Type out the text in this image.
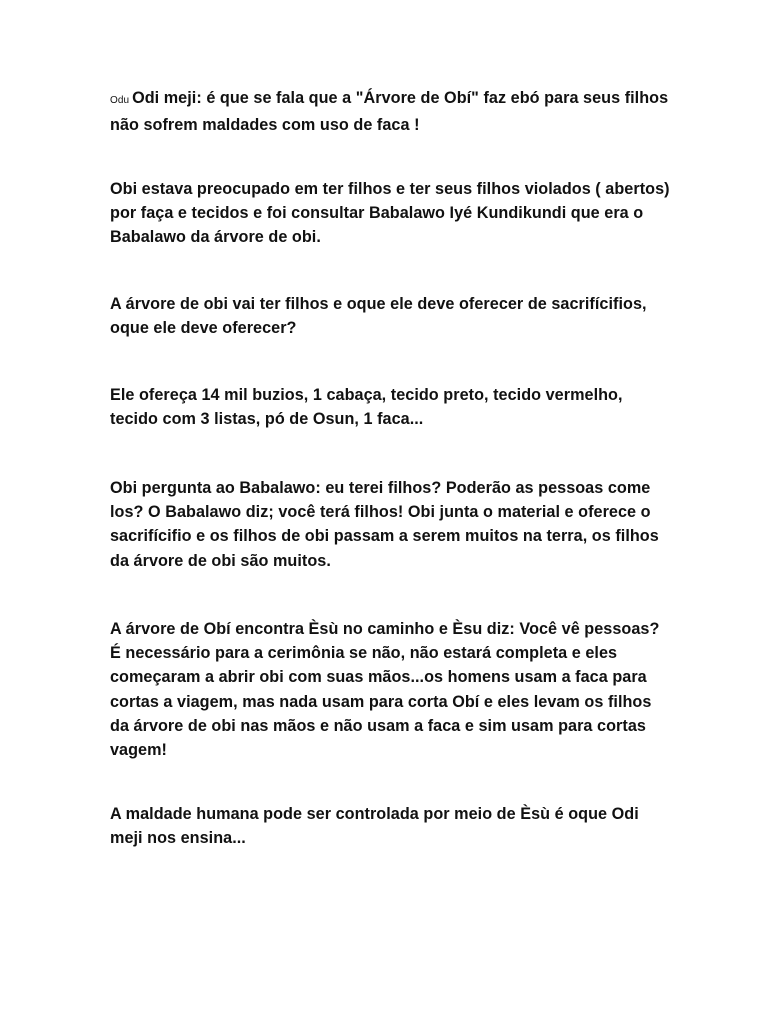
Odu Odi meji: é que se fala que a "Árvore de Obí" faz ebó para seus filhos não sofrem maldades com uso de faca !

Obi estava preocupado em ter filhos e ter seus filhos violados ( abertos) por faça e tecidos e foi consultar Babalawo Iyé Kundikundi que era o Babalawo da árvore de obi.

A árvore de obi vai ter filhos e oque ele deve oferecer de sacrifícifios, oque ele deve oferecer?

Ele ofereça 14 mil buzios, 1 cabaça, tecido preto, tecido vermelho, tecido com 3 listas, pó de Osun, 1 faca...

Obi pergunta ao Babalawo: eu terei filhos? Poderão as pessoas come los? O Babalawo diz; você terá filhos! Obi junta o material e oferece o sacrifícifio e os filhos de obi passam a serem muitos na terra, os filhos da árvore de obi são muitos.

A árvore de Obí encontra Èsù no caminho e Èsu diz: Você vê pessoas? É necessário para a cerimônia se não, não estará completa e eles começaram a abrir obi com suas mãos...os homens usam a faca para cortas a viagem, mas nada usam para corta Obí e eles levam os filhos da árvore de obi nas mãos e não usam a faca e sim usam para cortas vagem!

A maldade humana pode ser controlada por meio de Èsù é oque Odi meji nos ensina...
